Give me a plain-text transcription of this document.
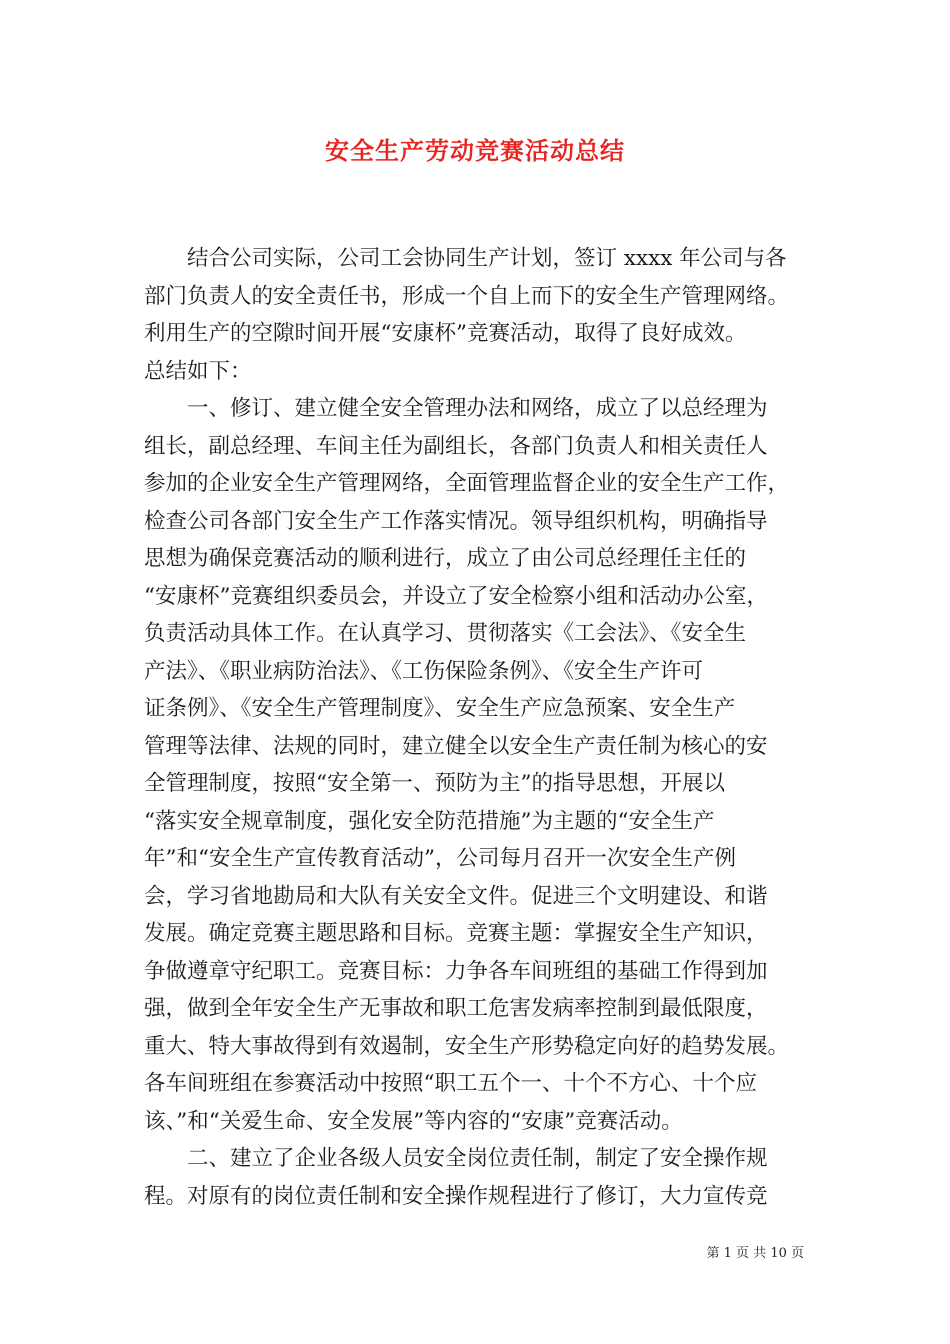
安全生产劳动竞赛活动总结
　　结合公司实际，公司工会协同生产计划，签订 xxxx 年公司与各
部门负责人的安全责任书，形成一个自上而下的安全生产管理网络。
利用生产的空隙时间开展“安康杯”竞赛活动，取得了良好成效。
总结如下：
　　一、修订、建立健全安全管理办法和网络，成立了以总经理为
组长，副总经理、车间主任为副组长，各部门负责人和相关责任人
参加的企业安全生产管理网络，全面管理监督企业的安全生产工作，
检查公司各部门安全生产工作落实情况。领导组织机构，明确指导
思想为确保竞赛活动的顺利进行，成立了由公司总经理任主任的
“安康杯”竞赛组织委员会，并设立了安全检察小组和活动办公室，
负责活动具体工作。在认真学习、贯彻落实《工会法》、《安全生
产法》、《职业病防治法》、《工伤保险条例》、《安全生产许可
证条例》、《安全生产管理制度》、安全生产应急预案、安全生产
管理等法律、法规的同时，建立健全以安全生产责任制为核心的安
全管理制度，按照“安全第一、预防为主”的指导思想，开展以
“落实安全规章制度，强化安全防范措施”为主题的“安全生产
年”和“安全生产宣传教育活动”，公司每月召开一次安全生产例
会，学习省地勘局和大队有关安全文件。促进三个文明建设、和谐
发展。确定竞赛主题思路和目标。竞赛主题：掌握安全生产知识，
争做遵章守纪职工。竞赛目标：力争各车间班组的基础工作得到加
强，做到全年安全生产无事故和职工危害发病率控制到最低限度，
重大、特大事故得到有效遏制，安全生产形势稳定向好的趋势发展。
各车间班组在参赛活动中按照“职工五个一、十个不方心、十个应
该、”和“关爱生命、安全发展”等内容的“安康”竞赛活动。
　　二、建立了企业各级人员安全岗位责任制，制定了安全操作规
程。对原有的岗位责任制和安全操作规程进行了修订，大力宣传竞
第 1 页 共 10 页
